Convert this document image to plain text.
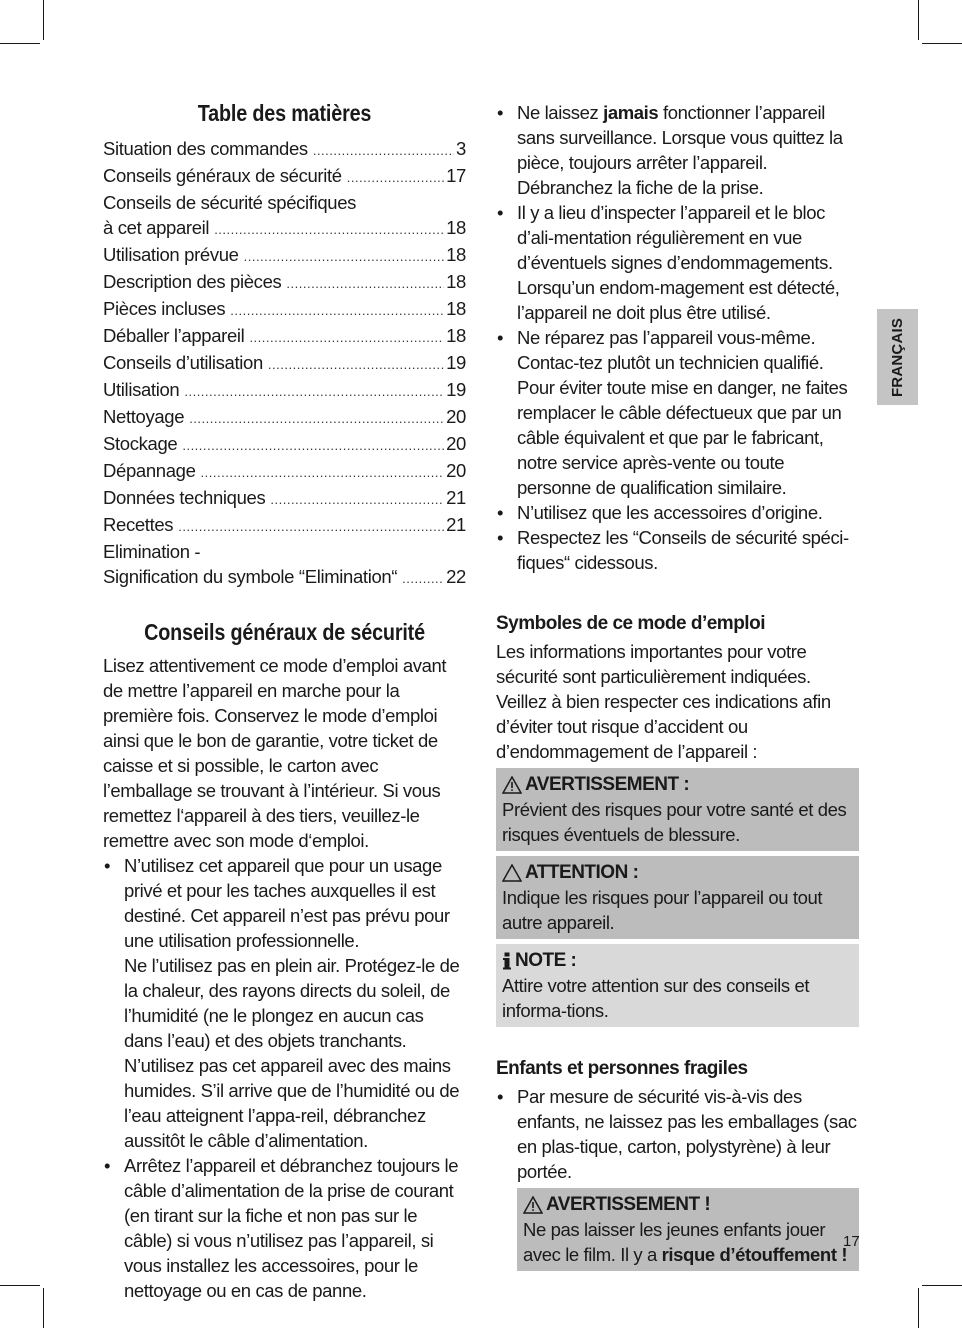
Table des matières
Situation des commandes .....	3
Conseils généraux de sécurité .....	17
Conseils de sécurité spécifiques
à cet appareil .....	18
Utilisation prévue .....	18
Description des pièces .....	18
Pièces incluses .....	18
Déballer l’appareil .....	18
Conseils d’utilisation .....	19
Utilisation .....	19
Nettoyage .....	20
Stockage .....	20
Dépannage .....	20
Données techniques .....	21
Recettes .....	21
Elimination -
Signification du symbole “Elimination“ .....	22
Conseils généraux de sécurité

Lisez attentivement ce mode d’emploi avant de mettre l’appareil en marche pour la première fois. Conservez le mode d’emploi ainsi que le bon de garantie, votre ticket de caisse et si possible, le carton avec l’emballage se trouvant à l’intérieur. Si vous remettez l‘appareil à des tiers, veuillez-le remettre avec son mode d‘emploi.

• N’utilisez cet appareil que pour un usage privé et pour les taches auxquelles il est destiné. Cet appareil n’est pas prévu pour une utilisation professionnelle.
Ne l’utilisez pas en plein air. Protégez-le de la chaleur, des rayons directs du soleil, de l’humidité (ne le plongez en aucun cas dans l’eau) et des objets tranchants. N’utilisez pas cet appareil avec des mains humides. S’il arrive que de l’humidité ou de l’eau atteignent l’appa-reil, débranchez aussitôt le câble d’alimentation.
• Arrêtez l’appareil et débranchez toujours le câble d’alimentation de la prise de courant (en tirant sur la fiche et non pas sur le câble) si vous n’utilisez pas l’appareil, si vous installez les accessoires, pour le nettoyage ou en cas de panne.
• Ne laissez jamais fonctionner l’appareil sans surveillance. Lorsque vous quittez la pièce, toujours arrêter l’appareil. Débranchez la fiche de la prise.
• Il y a lieu d’inspecter l’appareil et le bloc d’ali-mentation régulièrement en vue d’éventuels signes d’endommagements. Lorsqu’un endom-magement est détecté, l’appareil ne doit plus être utilisé.
• Ne réparez pas l’appareil vous-même. Contac-tez plutôt un technicien qualifié. Pour éviter toute mise en danger, ne faites remplacer le câble défectueux que par un câble équivalent et que par le fabricant, notre service après-vente ou toute personne de qualification similaire.
• N’utilisez que les accessoires d’origine.
• Respectez les “Conseils de sécurité spéci-fiques“ cidessous.
Symboles de ce mode d’emploi

Les informations importantes pour votre sécurité sont particulièrement indiquées. Veillez à bien respecter ces indications afin d’éviter tout risque d’accident ou d’endommagement de l’appareil :

AVERTISSEMENT :

Prévient des risques pour votre santé et des risques éventuels de blessure.

ATTENTION :

Indique les risques pour l’appareil ou tout autre appareil.

NOTE :

Attire votre attention sur des conseils et informa-tions.

Enfants et personnes fragiles
• Par mesure de sécurité vis-à-vis des enfants, ne laissez pas les emballages (sac en plas-tique, carton, polystyrène) à leur portée.
AVERTISSEMENT !

Ne pas laisser les jeunes enfants jouer avec le film. Il y a risque d’étouffement !

FRANÇAIS
17
